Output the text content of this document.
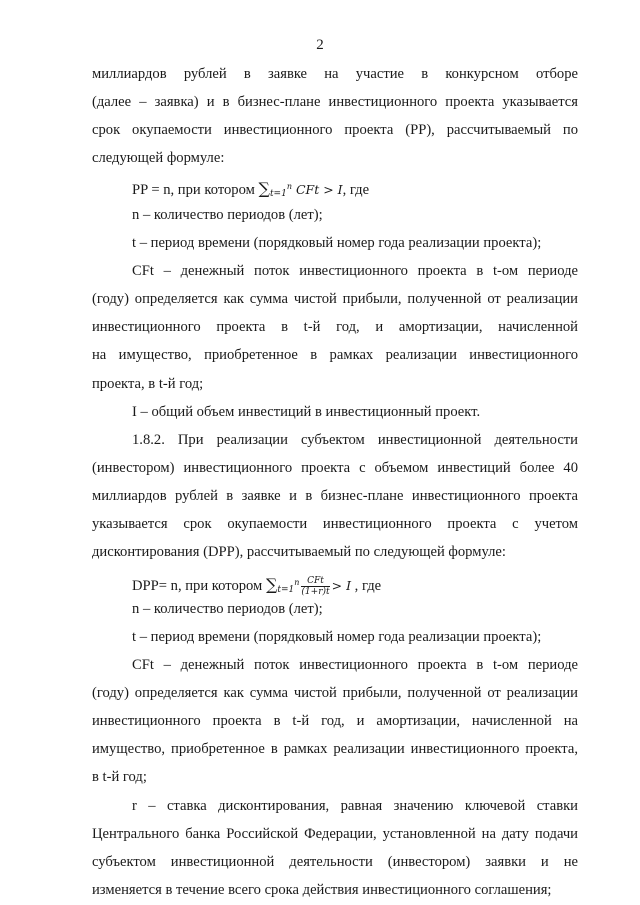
2
миллиардов рублей в заявке на участие в конкурсном отборе
(далее – заявка) и в бизнес-плане инвестиционного проекта указывается
срок окупаемости инвестиционного проекта (PP), рассчитываемый по
следующей формуле:
PP = n, при котором $\sum_{t=1}^n$ CFt > I, где
n – количество периодов (лет);
t – период времени (порядковый номер года реализации проекта);
CFt – денежный поток инвестиционного проекта в t-ом периоде
(году) определяется как сумма чистой прибыли, полученной от реализации
инвестиционного проекта в t-й год, и амортизации, начисленной
на имущество, приобретенное в рамках реализации инвестиционного
проекта, в t-й год;
I – общий объем инвестиций в инвестиционный проект.
1.8.2. При реализации субъектом инвестиционной деятельности
(инвестором) инвестиционного проекта с объемом инвестиций более 40
миллиардов рублей в заявке и в бизнес-плане инвестиционного проекта
указывается срок окупаемости инвестиционного проекта с учетом
дисконтирования (DPP), рассчитываемый по следующей формуле:
DPP= n, при котором $\sum_{t=1}^n \frac{\text{CFt}}{(1+r)t} > I$ , где
n – количество периодов (лет);
t – период времени (порядковый номер года реализации проекта);
CFt – денежный поток инвестиционного проекта в t-ом периоде
(году) определяется как сумма чистой прибыли, полученной от реализации
инвестиционного проекта в t-й год, и амортизации, начисленной на
имущество, приобретенное в рамках реализации инвестиционного проекта,
в t-й год;
r – ставка дисконтирования, равная значению ключевой ставки
Центрального банка Российской Федерации, установленной на дату подачи
субъектом инвестиционной деятельности (инвестором) заявки и не
изменяется в течение всего срока действия инвестиционного соглашения;
